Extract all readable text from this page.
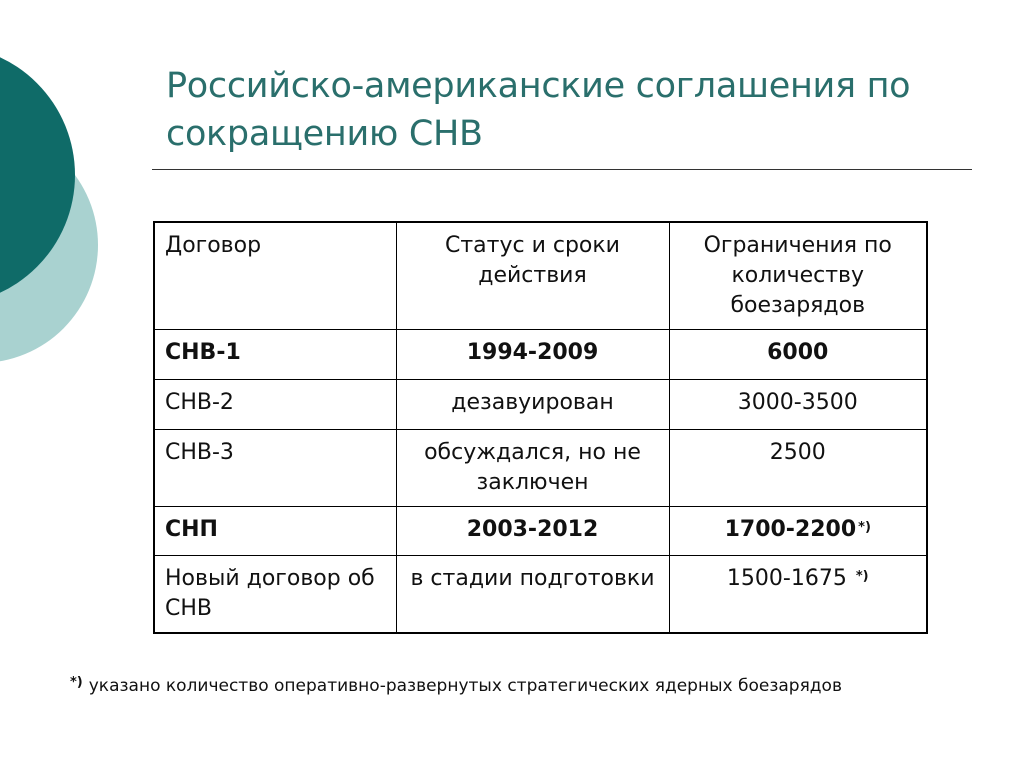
Российско-американские соглашения по сокращению СНВ
Договор	Статус и сроки действия	Ограничения по количеству боезарядов
СНВ-1	1994-2009	6000
СНВ-2	дезавуирован	3000-3500
СНВ-3	обсуждался, но не заключен	2500
СНП	2003-2012	1700-2200 *)
Новый договор об СНВ	в стадии подготовки	1500-1675 *)
*) указано количество оперативно-развернутых стратегических ядерных боезарядов
